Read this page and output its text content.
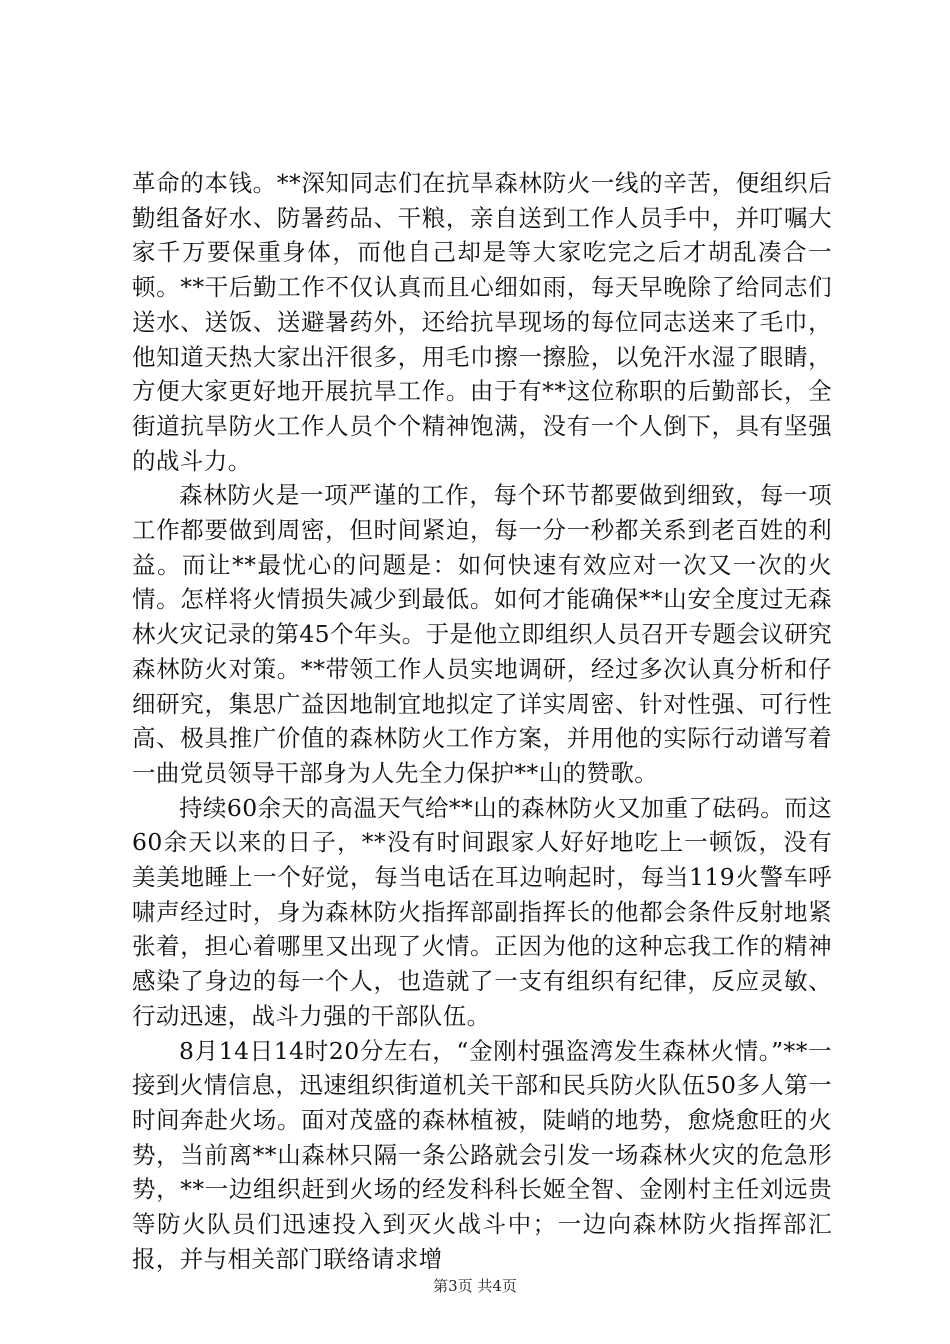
革命的本钱。**深知同志们在抗旱森林防火一线的辛苦，便组织后勤组备好水、防暑药品、干粮，亲自送到工作人员手中，并叮嘱大家千万要保重身体，而他自己却是等大家吃完之后才胡乱凑合一顿。**干后勤工作不仅认真而且心细如雨，每天早晚除了给同志们送水、送饭、送避暑药外，还给抗旱现场的每位同志送来了毛巾，他知道天热大家出汗很多，用毛巾擦一擦脸，以免汗水湿了眼睛，方便大家更好地开展抗旱工作。由于有**这位称职的后勤部长，全街道抗旱防火工作人员个个精神饱满，没有一个人倒下，具有坚强的战斗力。

森林防火是一项严谨的工作，每个环节都要做到细致，每一项工作都要做到周密，但时间紧迫，每一分一秒都关系到老百姓的利益。而让**最忧心的问题是：如何快速有效应对一次又一次的火情。怎样将火情损失减少到最低。如何才能确保**山安全度过无森林火灾记录的第45个年头。于是他立即组织人员召开专题会议研究森林防火对策。**带领工作人员实地调研，经过多次认真分析和仔细研究，集思广益因地制宜地拟定了详实周密、针对性强、可行性高、极具推广价值的森林防火工作方案，并用他的实际行动谱写着一曲党员领导干部身为人先全力保护**山的赞歌。

持续60余天的高温天气给**山的森林防火又加重了砝码。而这60余天以来的日子，**没有时间跟家人好好地吃上一顿饭，没有美美地睡上一个好觉，每当电话在耳边响起时，每当119火警车呼啸声经过时，身为森林防火指挥部副指挥长的他都会条件反射地紧张着，担心着哪里又出现了火情。正因为他的这种忘我工作的精神感染了身边的每一个人，也造就了一支有组织有纪律，反应灵敏、行动迅速，战斗力强的干部队伍。

8月14日14时20分左右，“金刚村强盗湾发生森林火情。”**一接到火情信息，迅速组织街道机关干部和民兵防火队伍50多人第一时间奔赴火场。面对茂盛的森林植被，陡峭的地势，愈烧愈旺的火势，当前离**山森林只隔一条公路就会引发一场森林火灾的危急形势，**一边组织赶到火场的经发科科长姬全智、金刚村主任刘远贵等防火队员们迅速投入到灭火战斗中；一边向森林防火指挥部汇报，并与相关部门联络请求增

第3页 共4页
